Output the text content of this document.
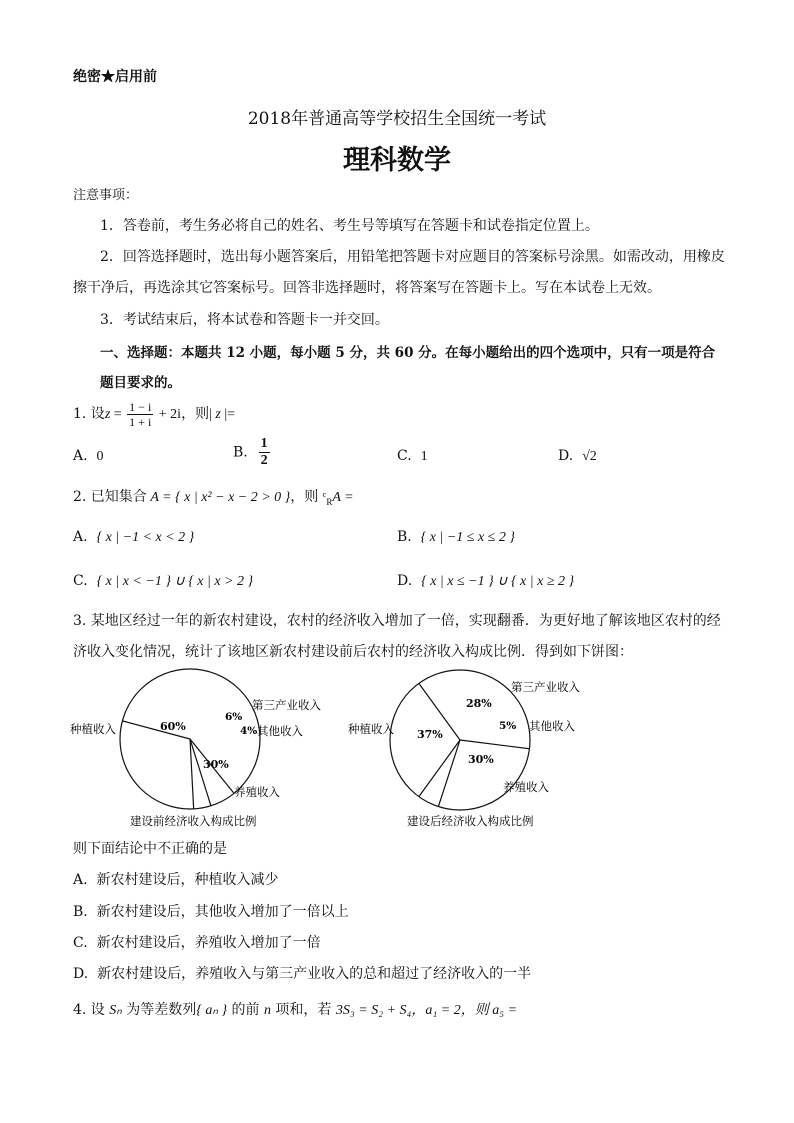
绝密★启用前
2018年普通高等学校招生全国统一考试
理科数学
注意事项：
1．答卷前，考生务必将自己的姓名、考生号等填写在答题卡和试卷指定位置上。
2．回答选择题时，选出每小题答案后，用铅笔把答题卡对应题目的答案标号涂黑。如需改动，用橡皮
擦干净后，再选涂其它答案标号。回答非选择题时，将答案写在答题卡上。写在本试卷上无效。
3．考试结束后，将本试卷和答题卡一并交回。
一、选择题：本题共 12 小题，每小题 5 分，共 60 分。在每小题给出的四个选项中，只有一项是符合
题目要求的。
1. 设$z = \frac{1 - i}{1 + i} + 2i$，则| z |=
A. 0	B. $\frac{1}{2}$	C. 1	D. √2
2. 已知集合 A = { x | x² − x − 2 > 0 }，则 ᶜ$_R$A =
A. { x | −1 < x < 2 }	B. { x | −1 ≤ x ≤ 2 }
C. { x | x < −1 } ∪ { x | x > 2 }	D. { x | x ≤ −1 } ∪ { x | x ≥ 2 }
3. 某地区经过一年的新农村建设，农村的经济收入增加了一倍，实现翻番．为更好地了解该地区农村的经
济收入变化情况，统计了该地区新农村建设前后农村的经济收入构成比例．得到如下饼图：
60%
6%
4%
30%
种植收入
第三产业收入
其他收入
养殖收入
建设前经济收入构成比例
28%
5%
37%
30%
种植收入
第三产业收入
其他收入
养殖收入
建设后经济收入构成比例
则下面结论中不正确的是
A. 新农村建设后，种植收入减少
B. 新农村建设后，其他收入增加了一倍以上
C. 新农村建设后，养殖收入增加了一倍
D. 新农村建设后，养殖收入与第三产业收入的总和超过了经济收入的一半
4. 设 Sₙ 为等差数列{ aₙ } 的前 n 项和，若 3S₃ = S₂ + S₄，a₁ = 2，则 a₅ =
